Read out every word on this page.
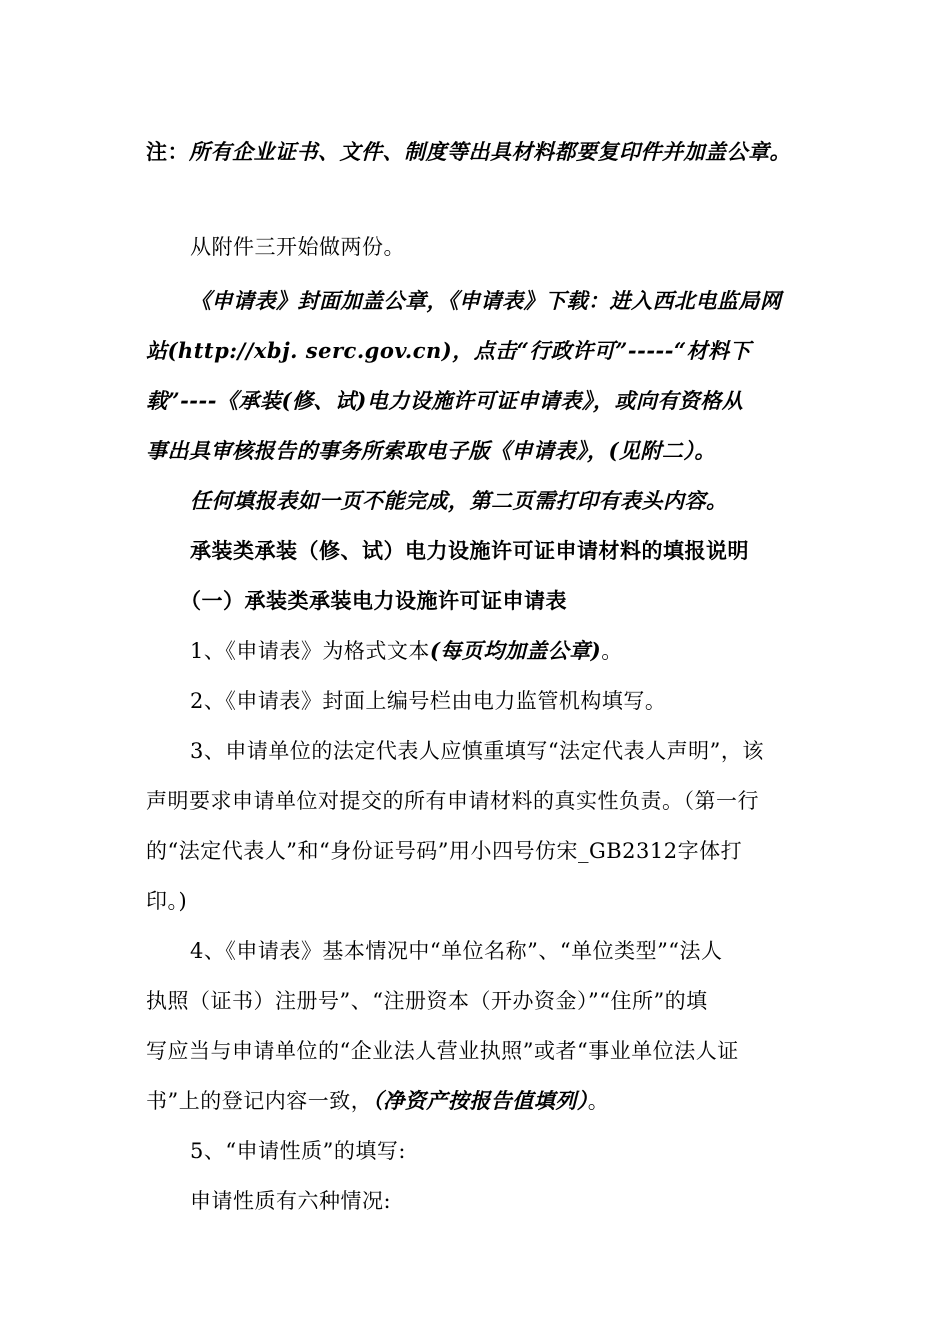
注：所有企业证书、文件、制度等出具材料都要复印件并加盖公章。
从附件三开始做两份。
《申请表》封面加盖公章，《申请表》下载：进入西北电监局网
站(http://xbj. serc.gov.cn)，点击“行政许可”-----“材料下
载”----《承装(修、试)电力设施许可证申请表》，或向有资格从
事出具审核报告的事务所索取电子版《申请表》，(见附二）。
任何填报表如一页不能完成，第二页需打印有表头内容。
承装类承装（修、试）电力设施许可证申请材料的填报说明
（一）承装类承装电力设施许可证申请表
1、《申请表》为格式文本(每页均加盖公章)。
2、《申请表》封面上编号栏由电力监管机构填写。
3、申请单位的法定代表人应慎重填写“法定代表人声明”，该
声明要求申请单位对提交的所有申请材料的真实性负责。（第一行
的“法定代表人”和“身份证号码”用小四号仿宋_GB2312字体打
印。)
4、《申请表》基本情况中“单位名称”、“单位类型”“法人
执照（证书）注册号”、“注册资本（开办资金）”“住所”的填
写应当与申请单位的“企业法人营业执照”或者“事业单位法人证
书”上的登记内容一致，（净资产按报告值填列）。
5、“申请性质”的填写:
申请性质有六种情况:
